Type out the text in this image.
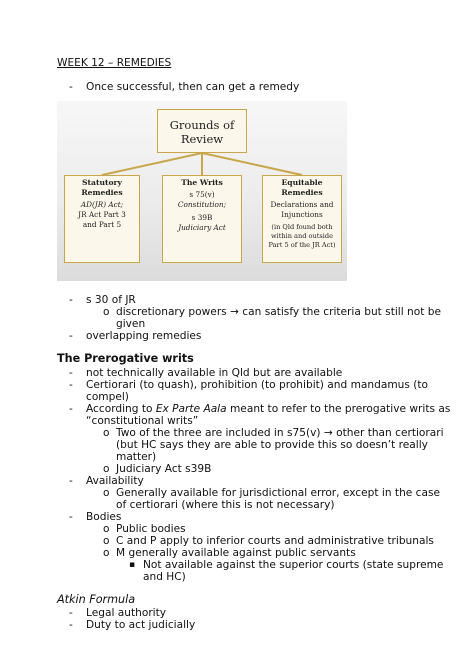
WEEK 12 – REMEDIES
- Once successful, then can get a remedy
Grounds of
Review
Statutory
Remedies
AD(JR) Act;
JR Act Part 3
and Part 5
The Writs
s 75(v)
Constitution;
s 39B
Judiciary Act
Equitable
Remedies
Declarations and
Injunctions
(in Qld found both
within and outside
Part 5 of the JR Act)
- s 30 of JR
o discretionary powers → can satisfy the criteria but still not be
given
- overlapping remedies
The Prerogative writs
- not technically available in Qld but are available
- Certiorari (to quash), prohibition (to prohibit) and mandamus (to
compel)
- According to Ex Parte Aala meant to refer to the prerogative writs as
“constitutional writs”
o Two of the three are included in s75(v) → other than certiorari
(but HC says they are able to provide this so doesn’t really
matter)
o Judiciary Act s39B
- Availability
o Generally available for jurisdictional error, except in the case
of certiorari (where this is not necessary)
- Bodies
o Public bodies
o C and P apply to inferior courts and administrative tribunals
o M generally available against public servants
▪ Not available against the superior courts (state supreme
and HC)
Atkin Formula
- Legal authority
- Duty to act judicially
